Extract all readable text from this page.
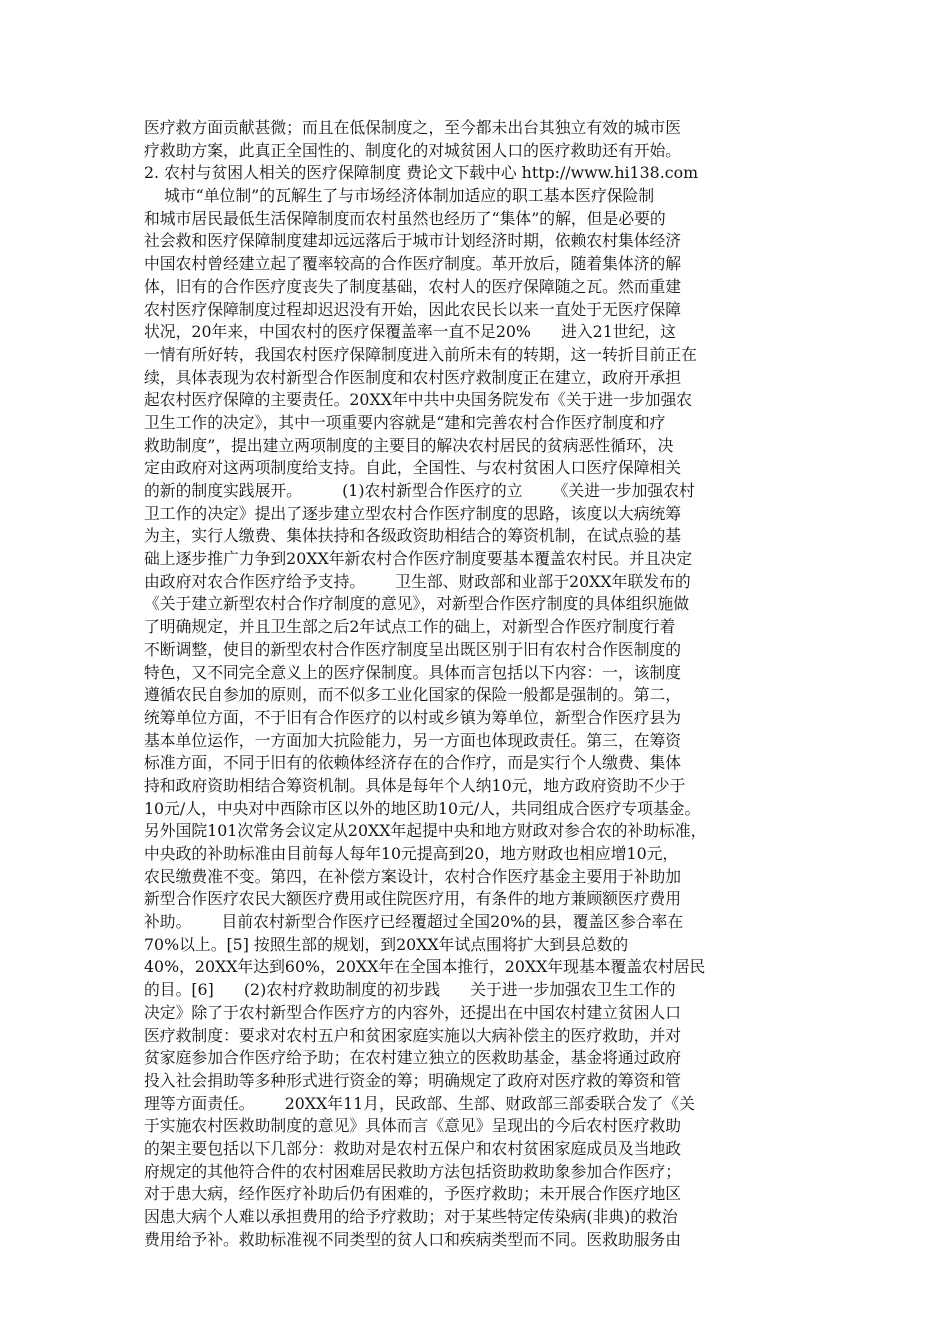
医疗救方面贡献甚微；而且在低保制度之，至今都未出台其独立有效的城市医
疗救助方案，此真正全国性的、制度化的对城贫困人口的医疗救助还有开始。
2. 农村与贫困人相关的医疗保障制度 费论文下载中心 http://www.hi138.com
城市“单位制”的瓦解生了与市场经济体制加适应的职工基本医疗保险制
和城市居民最低生活保障制度而农村虽然也经历了“集体”的解，但是必要的
社会救和医疗保障制度建却远远落后于城市计划经济时期，依赖农村集体经济
中国农村曾经建立起了覆率较高的合作医疗制度。革开放后，随着集体济的解
体，旧有的合作医疗度丧失了制度基础，农村人的医疗保障随之瓦。然而重建
农村医疗保障制度过程却迟迟没有开始，因此农民长以来一直处于无医疗保障
状况，20年来，中国农村的医疗保覆盖率一直不足20%      进入21世纪，这
一情有所好转，我国农村医疗保障制度进入前所未有的转期，这一转折目前正在
续，具体表现为农村新型合作医制度和农村医疗救制度正在建立，政府开承担
起农村医疗保障的主要责任。20XX年中共中央国务院发布《关于进一步加强农
卫生工作的决定》，其中一项重要内容就是“建和完善农村合作医疗制度和疗
救助制度”，提出建立两项制度的主要目的解决农村居民的贫病恶性循环，决
定由政府对这两项制度给支持。自此，全国性、与农村贫困人口医疗保障相关
的新的制度实践展开。        (1)农村新型合作医疗的立      《关进一步加强农村
卫工作的决定》提出了逐步建立型农村合作医疗制度的思路，该度以大病统筹
为主，实行人缴费、集体扶持和各级政资助相结合的筹资机制，在试点验的基
础上逐步推广力争到20XX年新农村合作医疗制度要基本覆盖农村民。并且决定
由政府对农合作医疗给予支持。      卫生部、财政部和业部于20XX年联发布的
《关于建立新型农村合作疗制度的意见》，对新型合作医疗制度的具体组织施做
了明确规定，并且卫生部之后2年试点工作的础上，对新型合作医疗制度行着
不断调整，使目的新型农村合作医疗制度呈出既区别于旧有农村合作医制度的
特色，又不同完全意义上的医疗保制度。具体而言包括以下内容：一，该制度
遵循农民自参加的原则，而不似多工业化国家的保险一般都是强制的。第二，
统筹单位方面，不于旧有合作医疗的以村或乡镇为筹单位，新型合作医疗县为
基本单位运作，一方面加大抗险能力，另一方面也体现政责任。第三，在筹资
标准方面，不同于旧有的依赖体经济存在的合作疗，而是实行个人缴费、集体
持和政府资助相结合筹资机制。具体是每年个人纳10元，地方政府资助不少于
10元/人，中央对中西除市区以外的地区助10元/人，共同组成合医疗专项基金。
另外国院101次常务会议定从20XX年起提中央和地方财政对参合农的补助标准，
中央政的补助标准由目前每人每年10元提高到20，地方财政也相应增10元，
农民缴费准不变。第四，在补偿方案设计，农村合作医疗基金主要用于补助加
新型合作医疗农民大额医疗费用或住院医疗用，有条件的地方兼顾额医疗费用
补助。      目前农村新型合作医疗已经覆超过全国20%的县，覆盖区参合率在
70%以上。[5] 按照生部的规划，到20XX年试点围将扩大到县总数的
40%，20XX年达到60%，20XX年在全国本推行，20XX年现基本覆盖农村居民
的目。[6]      (2)农村疗救助制度的初步践      关于进一步加强农卫生工作的
决定》除了于农村新型合作医疗方的内容外，还提出在中国农村建立贫困人口
医疗救制度：要求对农村五户和贫困家庭实施以大病补偿主的医疗救助，并对
贫家庭参加合作医疗给予助；在农村建立独立的医救助基金，基金将通过政府
投入社会捐助等多种形式进行资金的筹；明确规定了政府对医疗救的筹资和管
理等方面责任。      20XX年11月，民政部、生部、财政部三部委联合发了《关
于实施农村医救助制度的意见》具体而言《意见》呈现出的今后农村医疗救助
的架主要包括以下几部分：救助对是农村五保户和农村贫困家庭成员及当地政
府规定的其他符合件的农村困难居民救助方法包括资助救助象参加合作医疗；
对于患大病，经作医疗补助后仍有困难的，予医疗救助；未开展合作医疗地区
因患大病个人难以承担费用的给予疗救助；对于某些特定传染病(非典)的救治
费用给予补。救助标准视不同类型的贫人口和疾病类型而不同。医救助服务由
